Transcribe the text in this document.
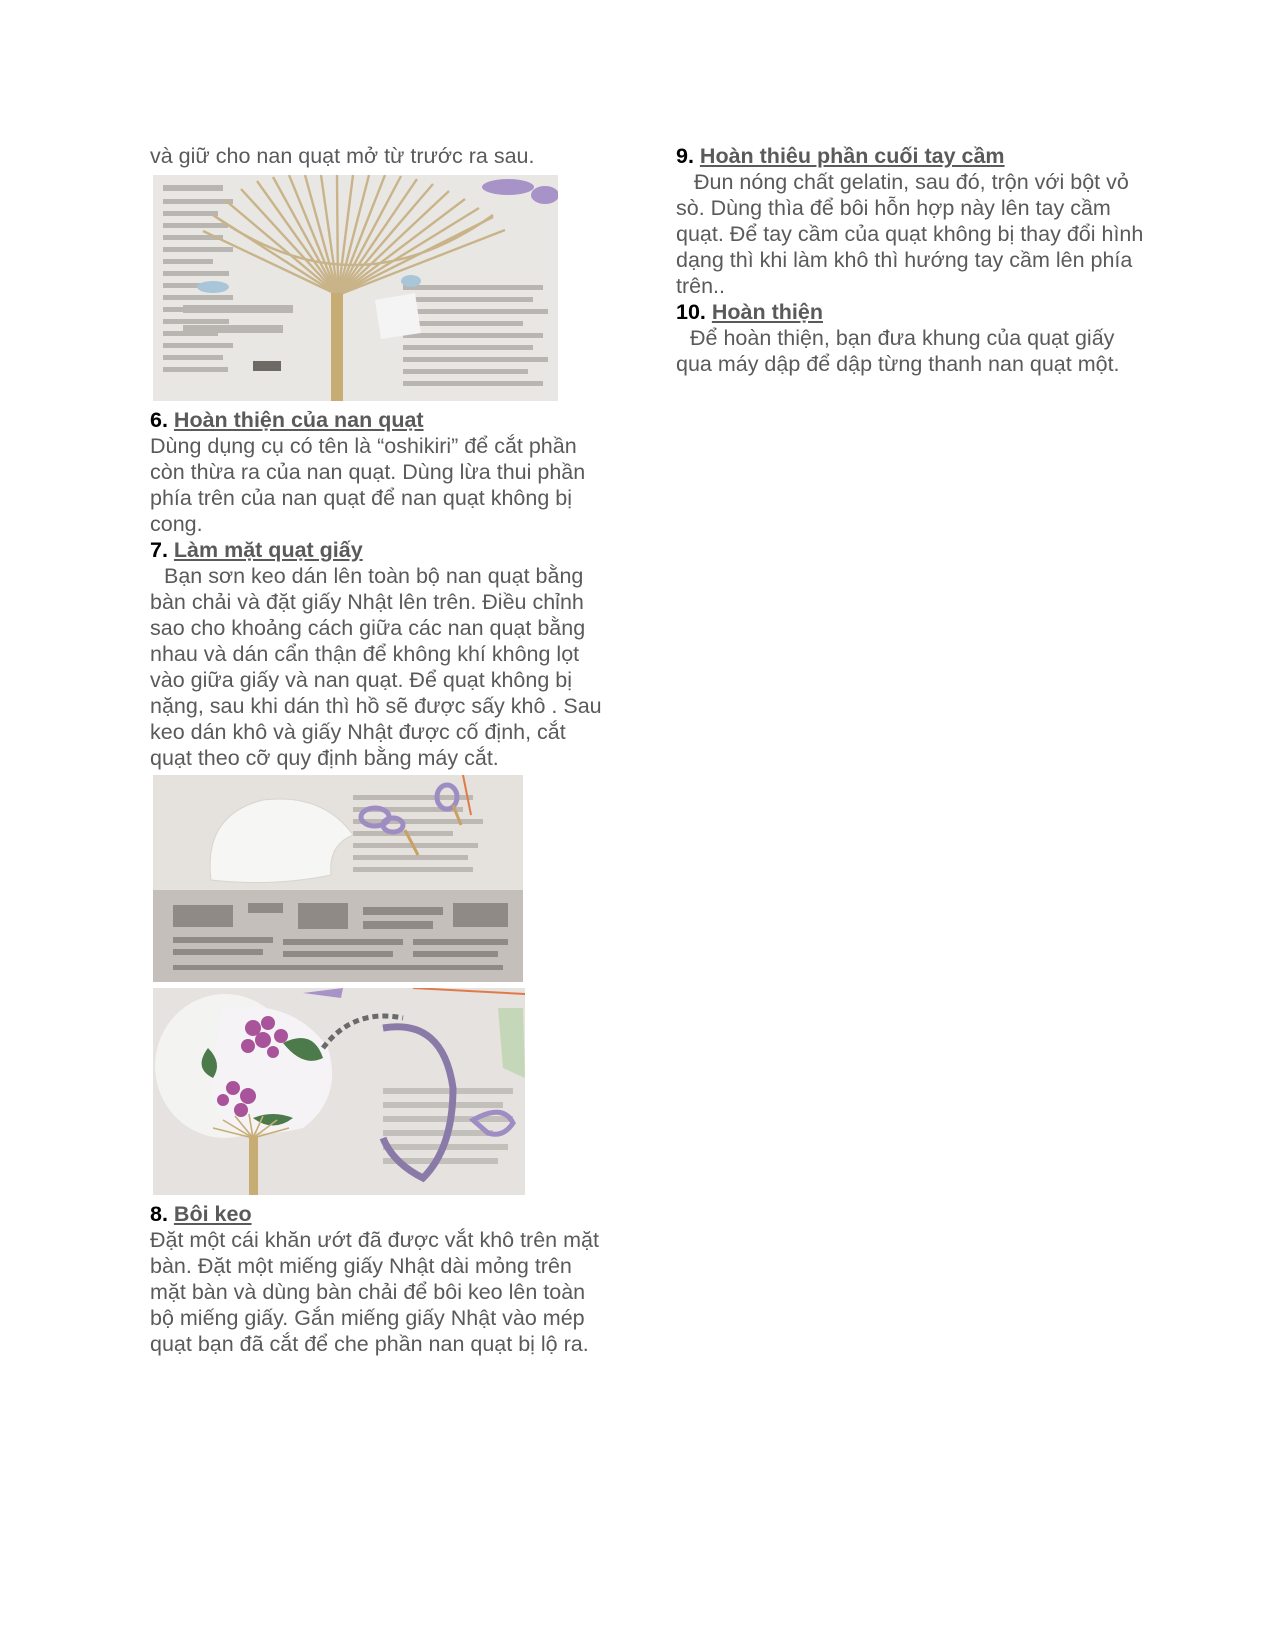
và giữ cho nan quạt mở từ trước ra sau.

6. Hoàn thiện của nan quạt

Dùng dụng cụ có tên là “oshikiri” để cắt phần còn thừa ra của nan quạt. Dùng lừa thui phần phía trên của nan quạt để nan quạt không bị cong.

7. Làm mặt quạt giấy

Bạn sơn keo dán lên toàn bộ nan quạt bằng bàn chải và đặt giấy Nhật lên trên. Điều chỉnh sao cho khoảng cách giữa các nan quạt bằng nhau và dán cẩn thận để không khí không lọt vào giữa giấy và nan quạt. Để quạt không bị nặng, sau khi dán thì hồ sẽ được sấy khô . Sau keo dán khô và giấy Nhật được cố định, cắt quạt theo cỡ quy định bằng máy cắt.

8. Bôi keo

Đặt một cái khăn ướt đã được vắt khô trên mặt bàn. Đặt một miếng giấy Nhật dài mỏng trên mặt bàn và dùng bàn chải để bôi keo lên toàn bộ miếng giấy. Gắn miếng giấy Nhật vào mép quạt bạn đã cắt để che phần nan quạt bị lộ ra.

9. Hoàn thiêu phần cuối tay cầm

Đun nóng chất gelatin, sau đó, trộn với bột vỏ sò. Dùng thìa để bôi hỗn hợp này lên tay cầm quạt. Để tay cầm của quạt không bị thay đổi hình dạng thì khi làm khô thì hướng tay cầm lên phía trên..

10. Hoàn thiện

Để hoàn thiện, bạn đưa khung của quạt giấy qua máy dập để dập từng thanh nan quạt một.
